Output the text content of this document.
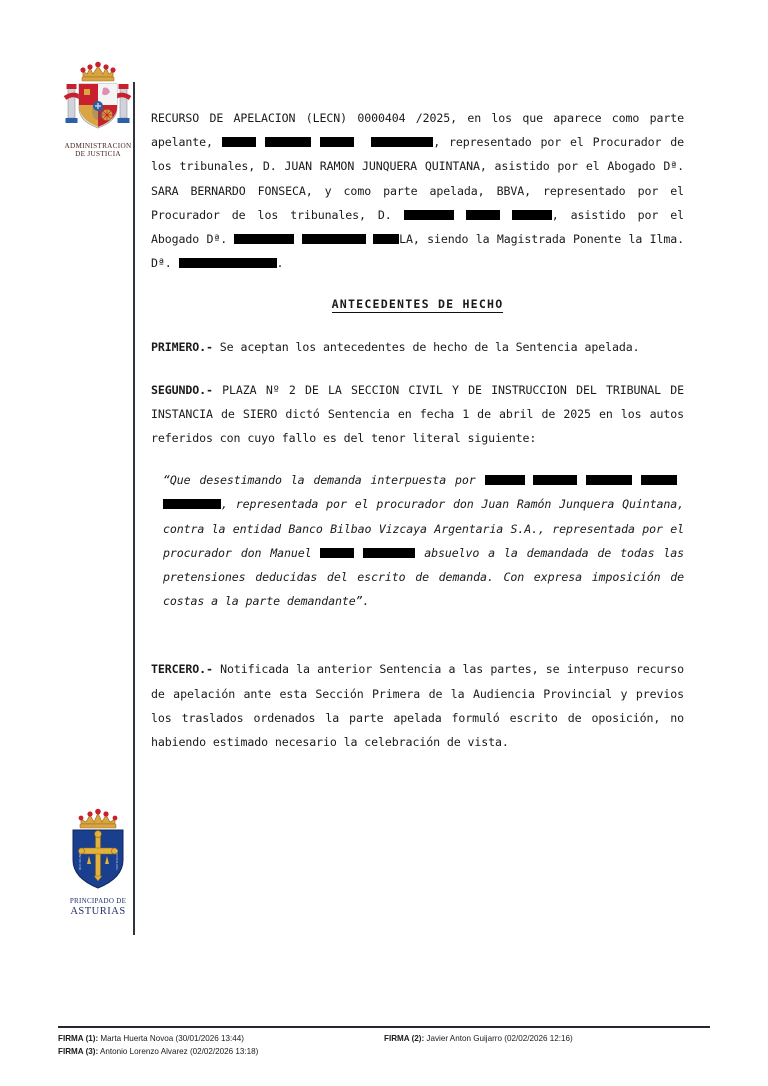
ADMINISTRACION
DE JUSTICIA
HOC SIGNO	TUETUR PIUS
PRINCIPADO DE
ASTURIAS

RECURSO DE APELACION (LECN) 0000404 /2025, en los que aparece como parte apelante,	, representado por el Procurador de los tribunales, D. JUAN RAMON JUNQUERA QUINTANA, asistido por el Abogado Dª. SARA BERNARDO FONSECA, y como parte apelada, BBVA, representado por el Procurador de los tribunales, D.	, asistido por el Abogado Dª.	LA, siendo la Magistrada Ponente la Ilma. Dª.	.

ANTECEDENTES DE HECHO

PRIMERO.- Se aceptan los antecedentes de hecho de la Sentencia apelada.

SEGUNDO.- PLAZA Nº 2 DE LA SECCION CIVIL Y DE INSTRUCCION DEL TRIBUNAL DE INSTANCIA de SIERO dictó Sentencia en fecha 1 de abril de 2025 en los autos referidos con cuyo fallo es del tenor literal siguiente:

“Que desestimando la demanda interpuesta por     , representada por el procurador don Juan Ramón Junquera Quintana, contra la entidad Banco Bilbao Vizcaya Argentaria S.A., representada por el procurador don Manuel	absuelvo a la demandada de todas las pretensiones deducidas del escrito de demanda. Con expresa imposición de costas a la parte demandante”.

TERCERO.- Notificada la anterior Sentencia a las partes, se interpuso recurso de apelación ante esta Sección Primera de la Audiencia Provincial y previos los traslados ordenados la parte apelada formuló escrito de oposición, no habiendo estimado necesario la celebración de vista.

FIRMA (1): Marta Huerta Novoa (30/01/2026 13:44)	FIRMA (2): Javier Anton Guijarro (02/02/2026 12:16)
FIRMA (3): Antonio Lorenzo Alvarez (02/02/2026 13:18)
